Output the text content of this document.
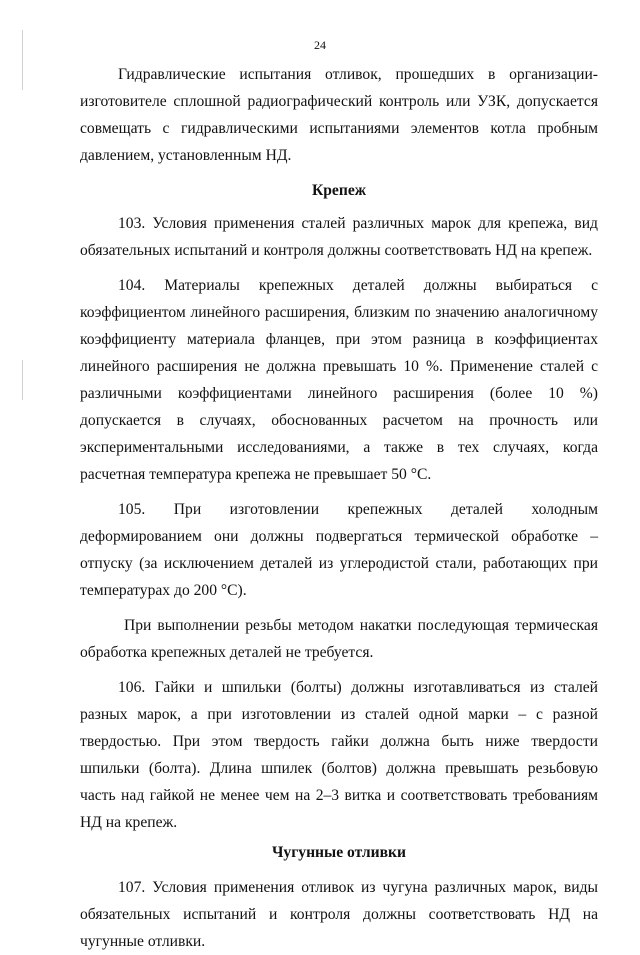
24

Гидравлические испытания отливок, прошедших в организации-изготовителе сплошной радиографический контроль или УЗК, допускается совмещать с гидравлическими испытаниями элементов котла пробным давлением, установленным НД.

Крепеж

103. Условия применения сталей различных марок для крепежа, вид обязательных испытаний и контроля должны соответствовать НД на крепеж.

104. Материалы крепежных деталей должны выбираться с коэффициентом линейного расширения, близким по значению аналогичному коэффициенту материала фланцев, при этом разница в коэффициентах линейного расширения не должна превышать 10 %. Применение сталей с различными коэффициентами линейного расширения (более 10 %) допускается в случаях, обоснованных расчетом на прочность или экспериментальными исследованиями, а также в тех случаях, когда расчетная температура крепежа не превышает 50 °С.

105. При изготовлении крепежных деталей холодным деформированием они должны подвергаться термической обработке – отпуску (за исключением деталей из углеродистой стали, работающих при температурах до 200 °С).

При выполнении резьбы методом накатки последующая термическая обработка крепежных деталей не требуется.

106. Гайки и шпильки (болты) должны изготавливаться из сталей разных марок, а при изготовлении из сталей одной марки – с разной твердостью. При этом твердость гайки должна быть ниже твердости шпильки (болта). Длина шпилек (болтов) должна превышать резьбовую часть над гайкой не менее чем на 2–3 витка и соответствовать требованиям НД на крепеж.

Чугунные отливки

107. Условия применения отливок из чугуна различных марок, виды обязательных испытаний и контроля должны соответствовать НД на чугунные отливки.
